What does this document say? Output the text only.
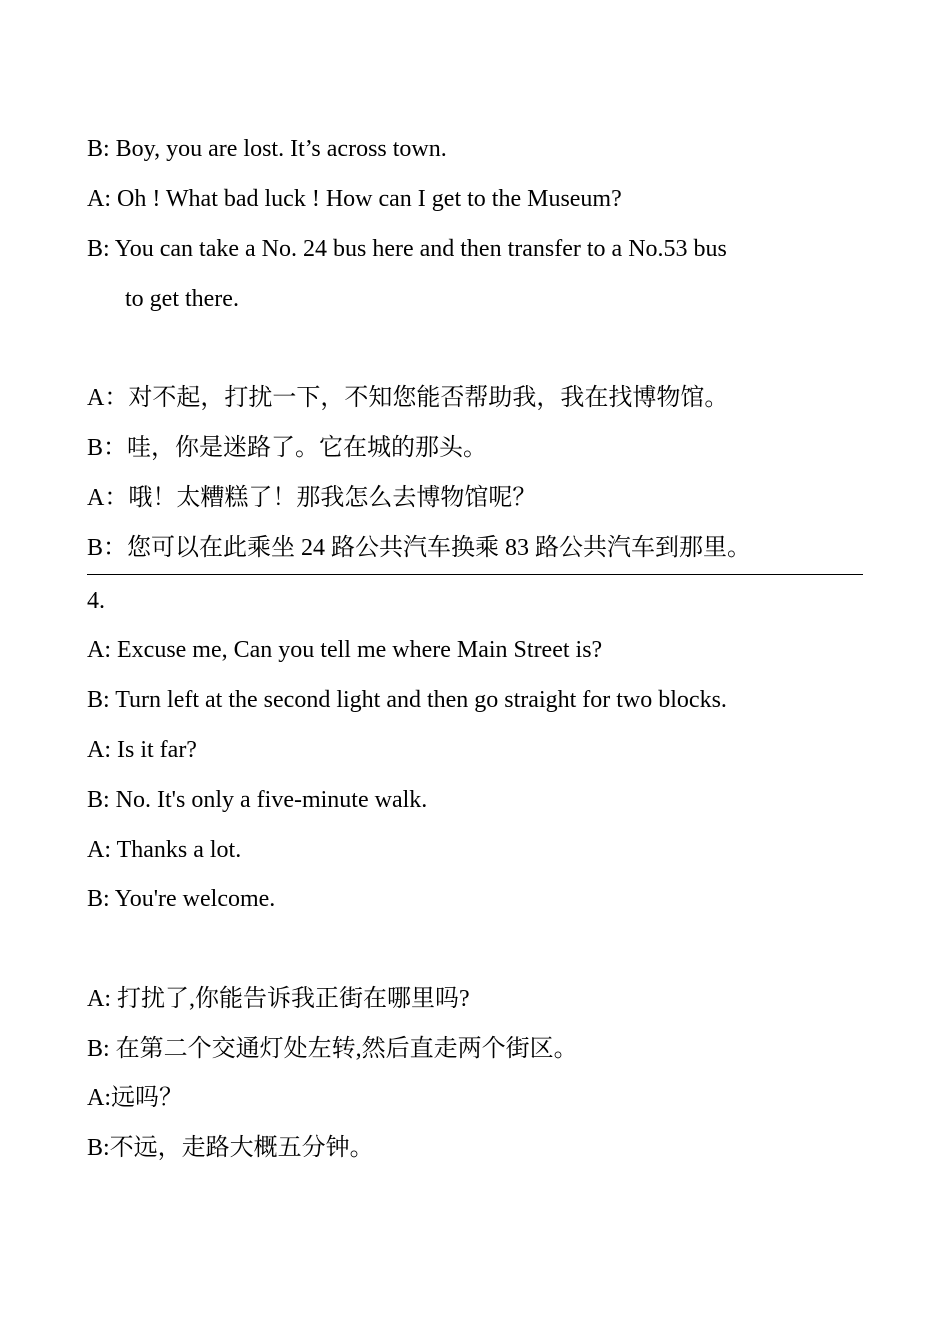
B: Boy, you are lost. It’s across town.
A: Oh ! What bad luck ! How can I get to the Museum?
B: You can take a No. 24 bus here and then transfer to a No.53 bus
to get there.
A：对不起，打扰一下，不知您能否帮助我，我在找博物馆。
B：哇，你是迷路了。它在城的那头。
A：哦！太糟糕了！那我怎么去博物馆呢？
B：您可以在此乘坐 24 路公共汽车换乘 83 路公共汽车到那里。
4.
A: Excuse me, Can you tell me where Main Street is?
B: Turn left at the second light and then go straight for two blocks.
A: Is it far?
B: No. It's only a five-minute walk.
A: Thanks a lot.
B: You're welcome.
A: 打扰了,你能告诉我正街在哪里吗?
B: 在第二个交通灯处左转,然后直走两个街区。
A:远吗？
B:不远，走路大概五分钟。
